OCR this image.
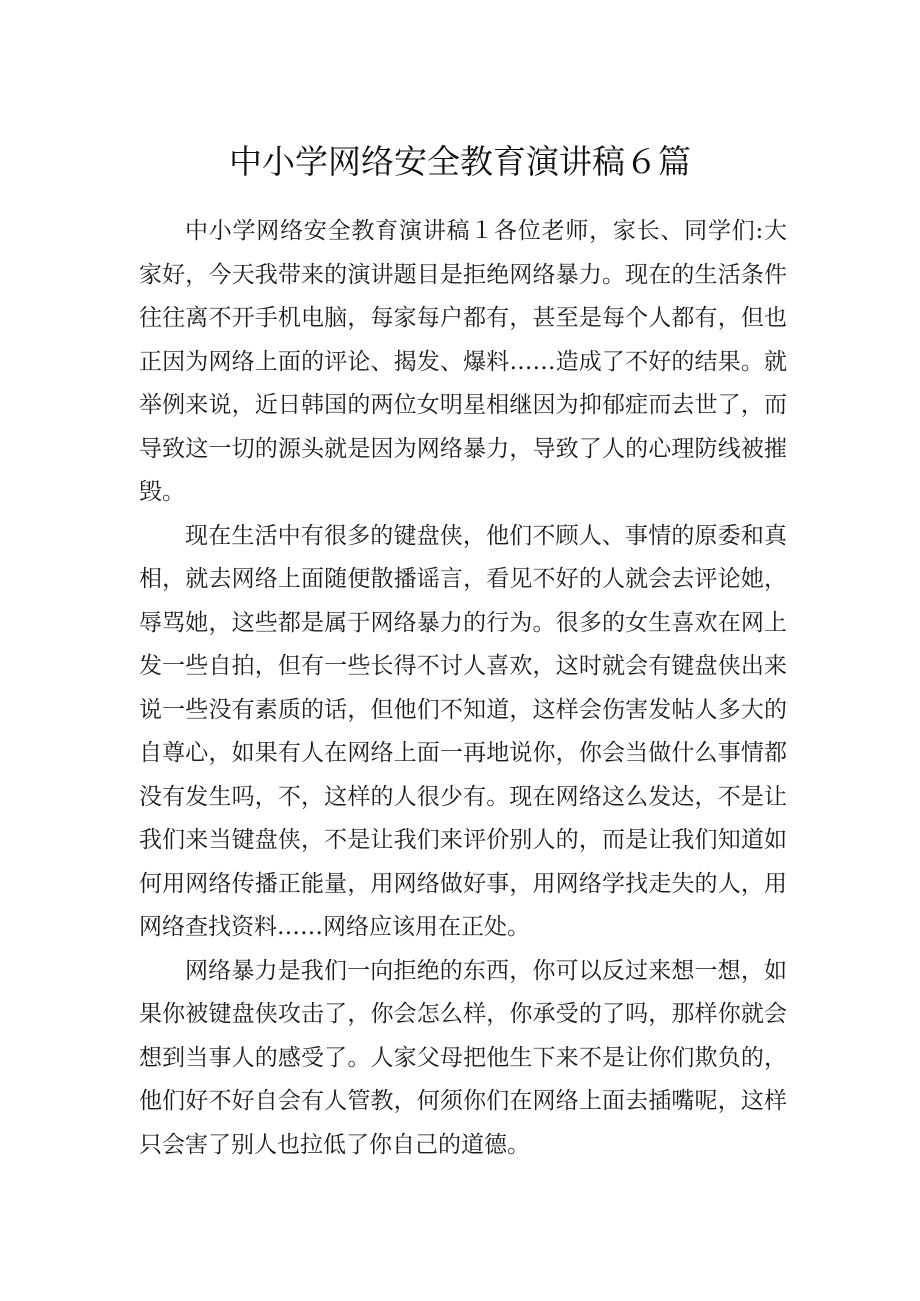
中小学网络安全教育演讲稿６篇

中小学网络安全教育演讲稿１各位老师，家长、同学们:大家好，今天我带来的演讲题目是拒绝网络暴力。现在的生活条件往往离不开手机电脑，每家每户都有，甚至是每个人都有，但也正因为网络上面的评论、揭发、爆料……造成了不好的结果。就举例来说，近日韩国的两位女明星相继因为抑郁症而去世了，而导致这一切的源头就是因为网络暴力，导致了人的心理防线被摧毁。

现在生活中有很多的键盘侠，他们不顾人、事情的原委和真相，就去网络上面随便散播谣言，看见不好的人就会去评论她，辱骂她，这些都是属于网络暴力的行为。很多的女生喜欢在网上发一些自拍，但有一些长得不讨人喜欢，这时就会有键盘侠出来说一些没有素质的话，但他们不知道，这样会伤害发帖人多大的自尊心，如果有人在网络上面一再地说你，你会当做什么事情都没有发生吗，不，这样的人很少有。现在网络这么发达，不是让我们来当键盘侠，不是让我们来评价别人的，而是让我们知道如何用网络传播正能量，用网络做好事，用网络学找走失的人，用网络查找资料……网络应该用在正处。

网络暴力是我们一向拒绝的东西，你可以反过来想一想，如果你被键盘侠攻击了，你会怎么样，你承受的了吗，那样你就会想到当事人的感受了。人家父母把他生下来不是让你们欺负的，他们好不好自会有人管教，何须你们在网络上面去插嘴呢，这样只会害了别人也拉低了你自己的道德。
